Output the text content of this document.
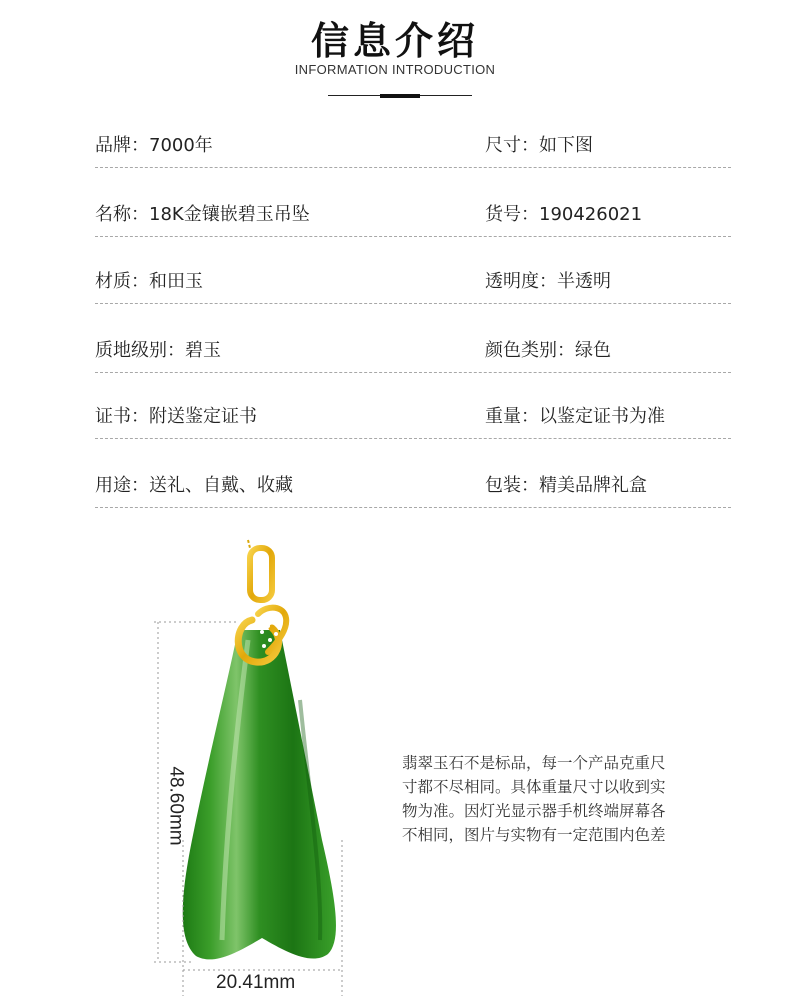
信息介绍
INFORMATION INTRODUCTION
品牌：7000年	尺寸：如下图
名称：18K金镶嵌碧玉吊坠	货号：190426021
材质：和田玉	透明度：半透明
质地级别：碧玉	颜色类别：绿色
证书：附送鉴定证书	重量：以鉴定证书为准
用途：送礼、自戴、收藏	包装：精美品牌礼盒
48.60mm
20.41mm
翡翠玉石不是标品，每一个产品克重尺
寸都不尽相同。具体重量尺寸以收到实
物为准。因灯光显示器手机终端屏幕各
不相同，图片与实物有一定范围内色差
